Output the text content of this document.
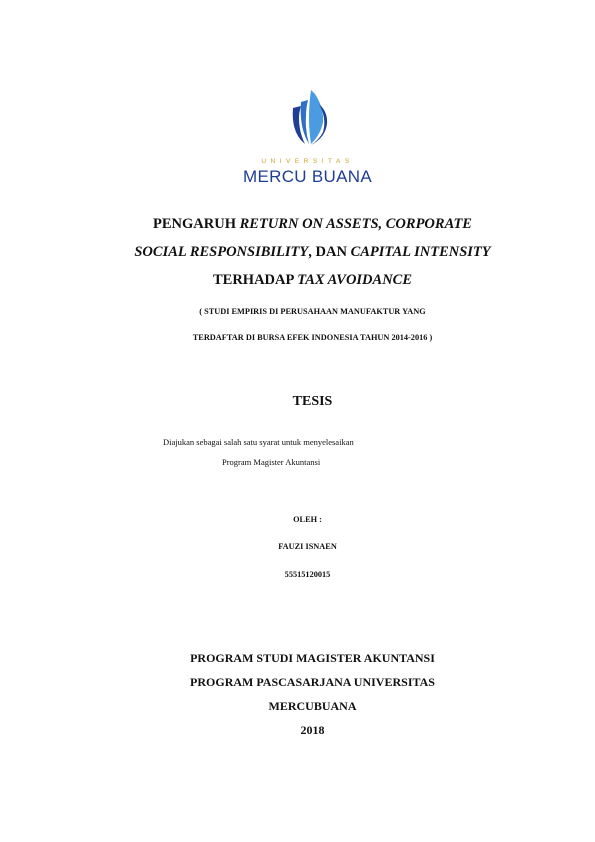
UNIVERSITAS
MERCU BUANA
PENGARUH RETURN ON ASSETS, CORPORATE
SOCIAL RESPONSIBILITY, DAN CAPITAL INTENSITY
TERHADAP TAX AVOIDANCE
( STUDI EMPIRIS DI PERUSAHAAN MANUFAKTUR YANG
TERDAFTAR DI BURSA EFEK INDONESIA TAHUN 2014-2016 )
TESIS
Diajukan sebagai salah satu syarat untuk menyelesaikan
Program Magister Akuntansi
OLEH :
FAUZI ISNAEN
55515120015
PROGRAM STUDI MAGISTER AKUNTANSI
PROGRAM PASCASARJANA UNIVERSITAS
MERCUBUANA
2018
